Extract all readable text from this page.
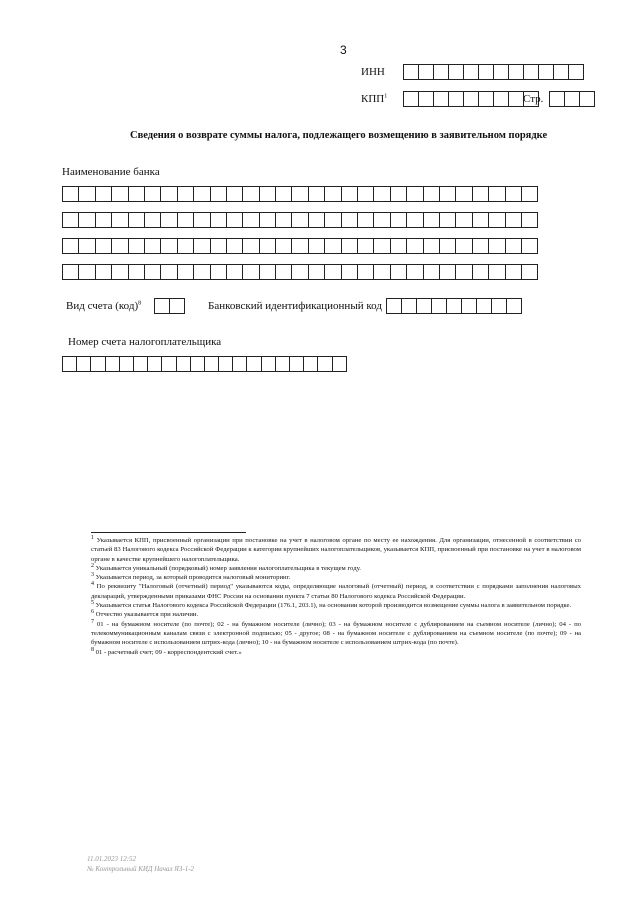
3
ИНН
КПП$^1$	Стр.
Сведения о возврате суммы налога, подлежащего возмещению в заявительном порядке
Наименование банка
Вид счета (код)$^8$	Банковский идентификационный код
Номер счета налогоплательщика

$^1$ Указывается КПП, присвоенный организации при постановке на учет в налоговом органе по месту ее нахождения. Для организации, отнесенной в соответствии со статьей 83 Налогового кодекса Российской Федерации к категории крупнейших налогоплательщиков, указывается КПП, присвоенный при постановке на учет в налоговом органе в качестве крупнейшего налогоплательщика.

$^2$ Указывается уникальный (порядковый) номер заявления налогоплательщика в текущем году.

$^3$ Указывается период, за который проводится налоговый мониторинг.

$^4$ По реквизиту "Налоговый (отчетный) период" указываются коды, определяющие налоговый (отчетный) период, в соответствии с порядками заполнения налоговых деклараций, утвержденными приказами ФНС России на основании пункта 7 статьи 80 Налогового кодекса Российской Федерации.

$^5$ Указывается статья Налогового кодекса Российской Федерации (176.1, 203.1), на основании которой производится возмещение суммы налога в заявительном порядке.

$^6$ Отчество указывается при наличии.

$^7$ 01 - на бумажном носителе (по почте); 02 - на бумажном носителе (лично); 03 - на бумажном носителе с дублированием на съемном носителе (лично); 04 - по телекоммуникационным каналам связи с электронной подписью; 05 - другое; 08 - на бумажном носителе с дублированием на съемном носителе (по почте); 09 - на бумажном носителе с использованием штрих-кода (лично); 10 - на бумажном носителе с использованием штрих-кода (по почте).

$^8$ 01 - расчетный счет; 09 - корреспондентский счет.»

11.01.2023 12:52
№ Контрольный КИД Начал ЯЗ-1-2
